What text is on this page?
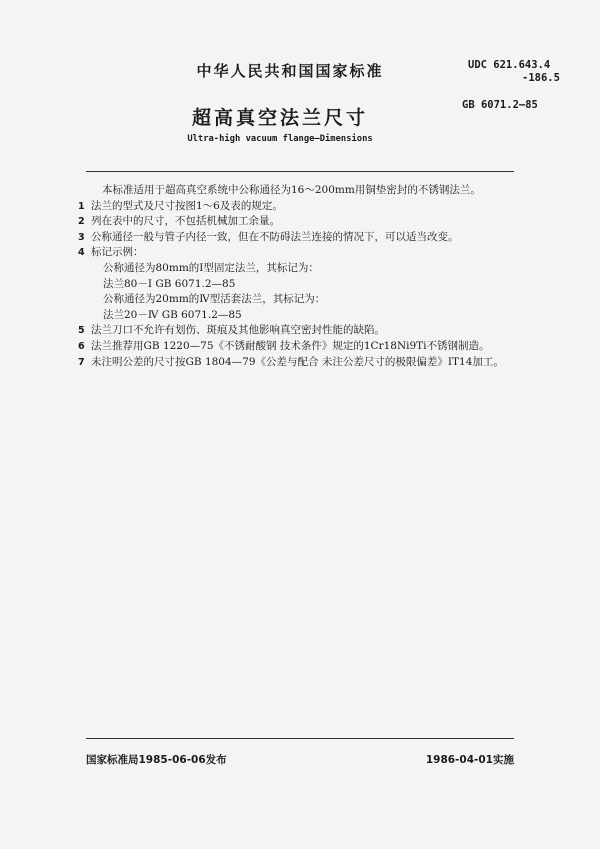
中华人民共和国国家标准	UDC 621.643.4
-186.5
GB 6071.2—85
超高真空法兰尺寸
Ultra-high vacuum flange—Dimensions
本标准适用于超高真空系统中公称通径为16～200mm用铜垫密封的不锈钢法兰。
1 法兰的型式及尺寸按图1～6及表的规定。
2 列在表中的尺寸，不包括机械加工余量。
3 公称通径一般与管子内径一致，但在不防碍法兰连接的情况下，可以适当改变。
4 标记示例：
公称通径为80mm的Ⅰ型固定法兰，其标记为：
法兰80－Ⅰ GB 6071.2—85
公称通径为20mm的Ⅳ型活套法兰，其标记为：
法兰20－Ⅳ GB 6071.2—85
5 法兰刀口不允许有划伤、斑痕及其他影响真空密封性能的缺陷。
6 法兰推荐用GB 1220—75《不锈耐酸钢 技术条件》规定的1Cr18Ni9Ti不锈钢制造。
7 未注明公差的尺寸按GB 1804—79《公差与配合 未注公差尺寸的极限偏差》IT14加工。
国家标准局1985-06-06发布	1986-04-01实施
